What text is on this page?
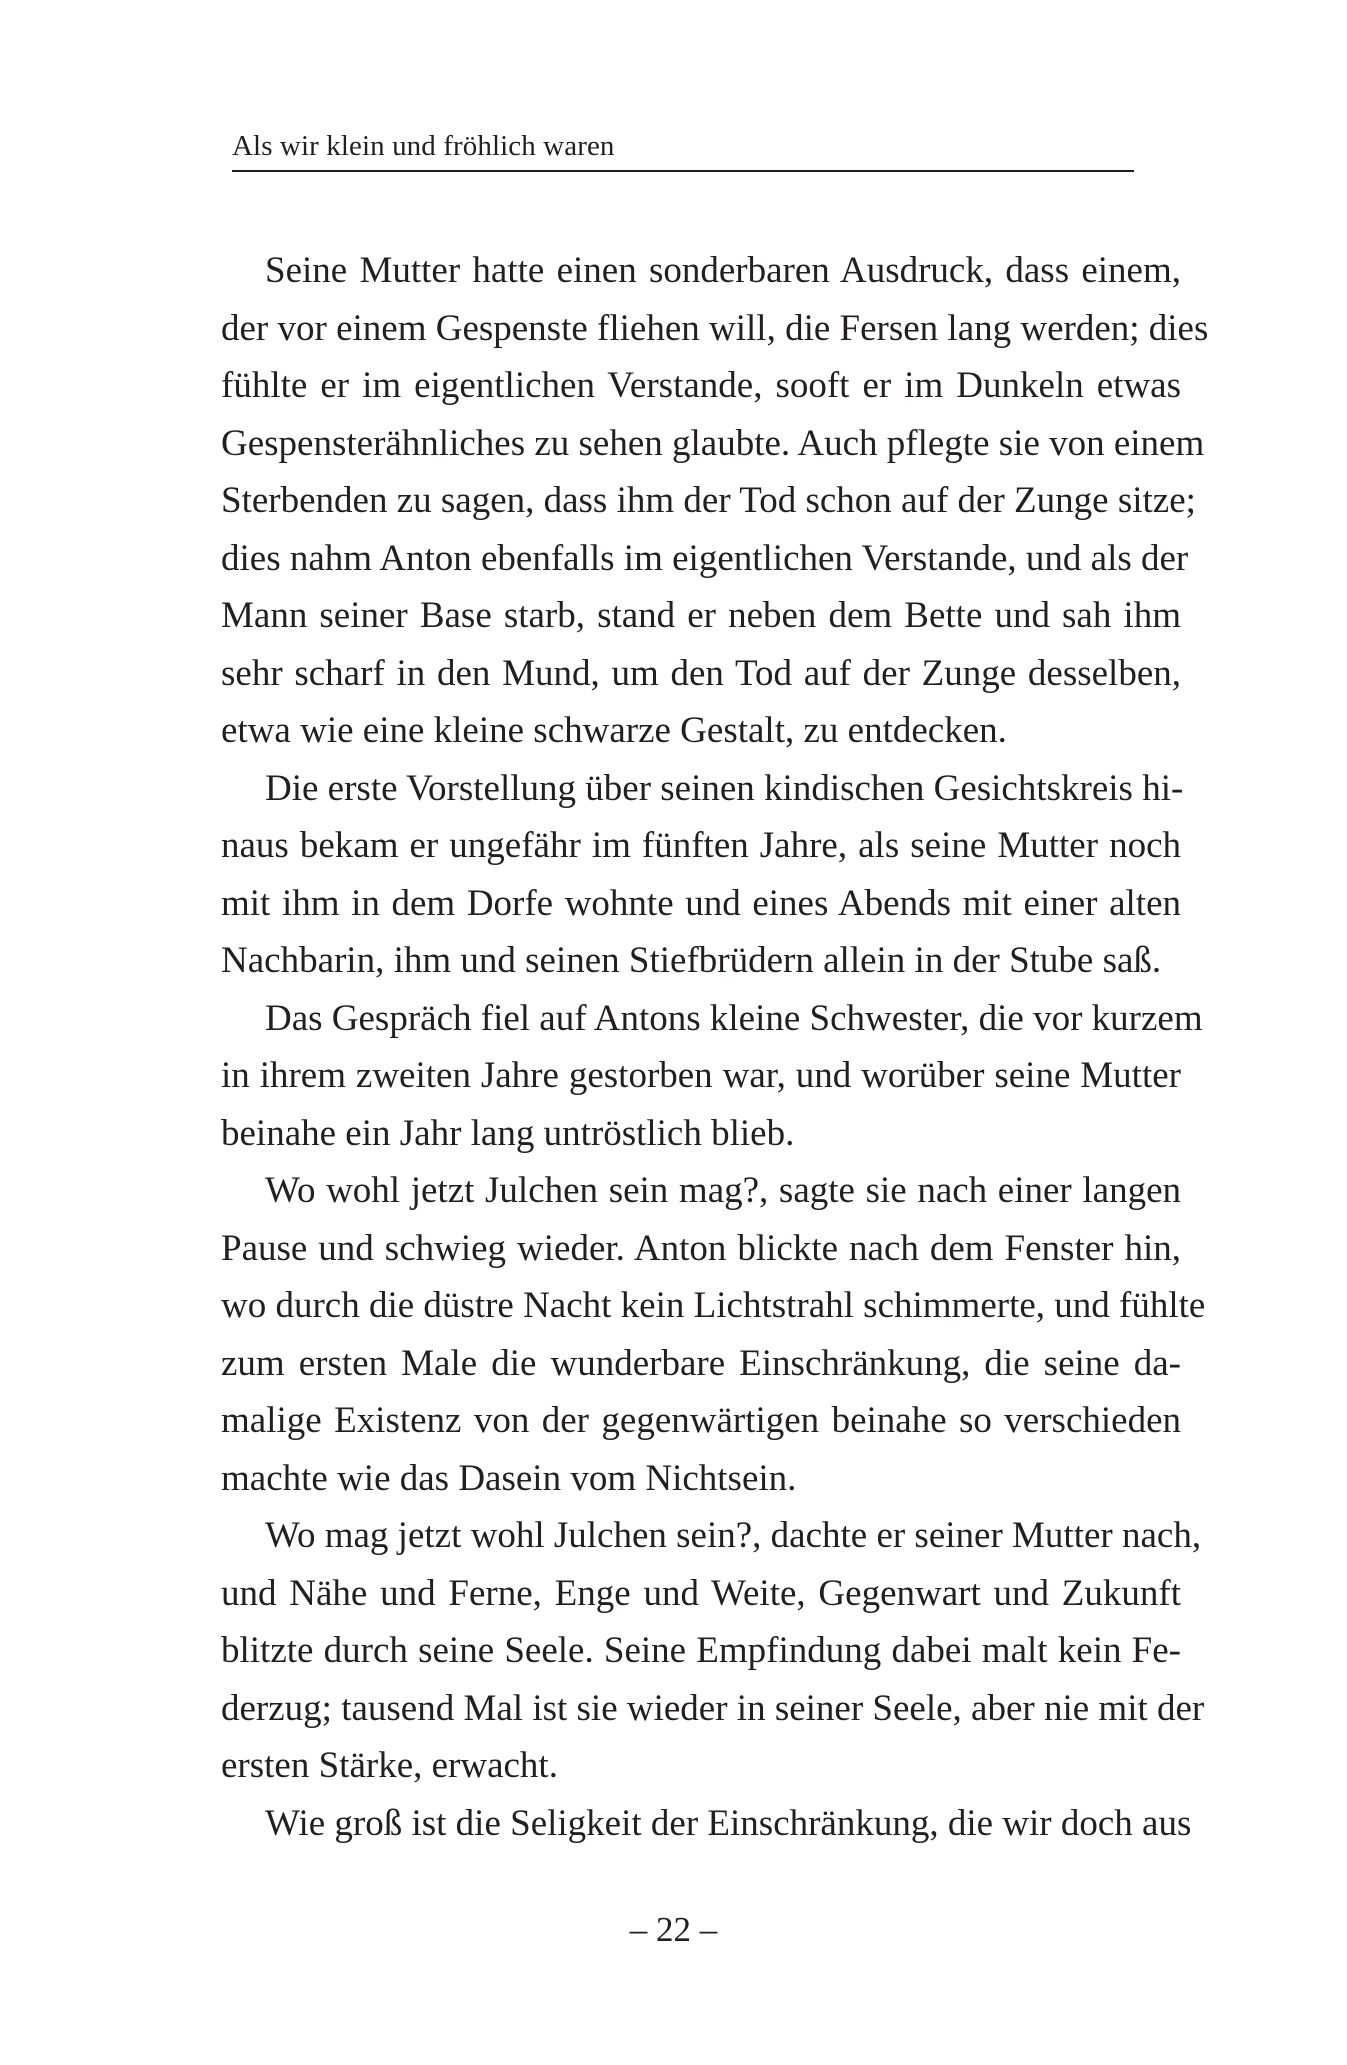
Als wir klein und fröhlich waren
Seine Mutter hatte einen sonderbaren Ausdruck, dass einem,
der vor einem Gespenste fliehen will, die Fersen lang werden; dies
fühlte er im eigentlichen Verstande, sooft er im Dunkeln etwas
Gespensterähnliches zu sehen glaubte. Auch pflegte sie von einem
Sterbenden zu sagen, dass ihm der Tod schon auf der Zunge sitze;
dies nahm Anton ebenfalls im eigentlichen Verstande, und als der
Mann seiner Base starb, stand er neben dem Bette und sah ihm
sehr scharf in den Mund, um den Tod auf der Zunge desselben,
etwa wie eine kleine schwarze Gestalt, zu entdecken.
Die erste Vorstellung über seinen kindischen Gesichtskreis hi-
naus bekam er ungefähr im fünften Jahre, als seine Mutter noch
mit ihm in dem Dorfe wohnte und eines Abends mit einer alten
Nachbarin, ihm und seinen Stiefbrüdern allein in der Stube saß.
Das Gespräch fiel auf Antons kleine Schwester, die vor kurzem
in ihrem zweiten Jahre gestorben war, und worüber seine Mutter
beinahe ein Jahr lang untröstlich blieb.
Wo wohl jetzt Julchen sein mag?, sagte sie nach einer langen
Pause und schwieg wieder. Anton blickte nach dem Fenster hin,
wo durch die düstre Nacht kein Lichtstrahl schimmerte, und fühlte
zum ersten Male die wunderbare Einschränkung, die seine da-
malige Existenz von der gegenwärtigen beinahe so verschieden
machte wie das Dasein vom Nichtsein.
Wo mag jetzt wohl Julchen sein?, dachte er seiner Mutter nach,
und Nähe und Ferne, Enge und Weite, Gegenwart und Zukunft
blitzte durch seine Seele. Seine Empfindung dabei malt kein Fe-
derzug; tausend Mal ist sie wieder in seiner Seele, aber nie mit der
ersten Stärke, erwacht.
Wie groß ist die Seligkeit der Einschränkung, die wir doch aus
– 22 –
